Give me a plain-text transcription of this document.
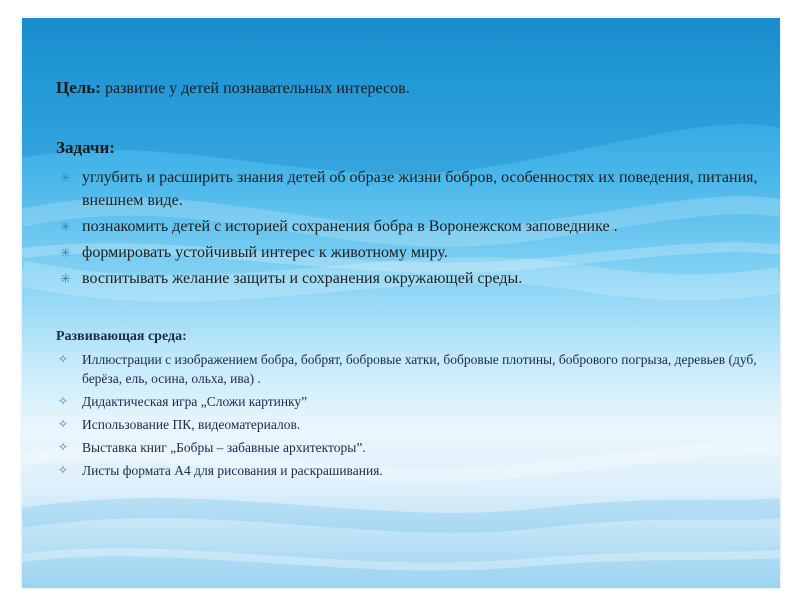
Цель: развитие у детей познавательных интересов.
Задачи:
✳ углубить и расширить знания детей об образе жизни бобров, особенностях их поведения, питания, внешнем виде.
✳ познакомить детей с историей сохранения бобра в Воронежском заповеднике .
✳ формировать устойчивый интерес к животному миру.
✳ воспитывать желание защиты и сохранения окружающей среды.
Развивающая среда:
✧ Иллюстрации с изображением бобра, бобрят, бобровые хатки, бобровые плотины, бобрового погрыза, деревьев (дуб, берёза, ель, осина, ольха, ива) .
✧ Дидактическая игра „Сложи картинку”
✧ Использование ПК, видеоматериалов.
✧ Выставка книг „Бобры – забавные архитекторы”.
✧ Листы формата А4 для рисования и раскрашивания.
